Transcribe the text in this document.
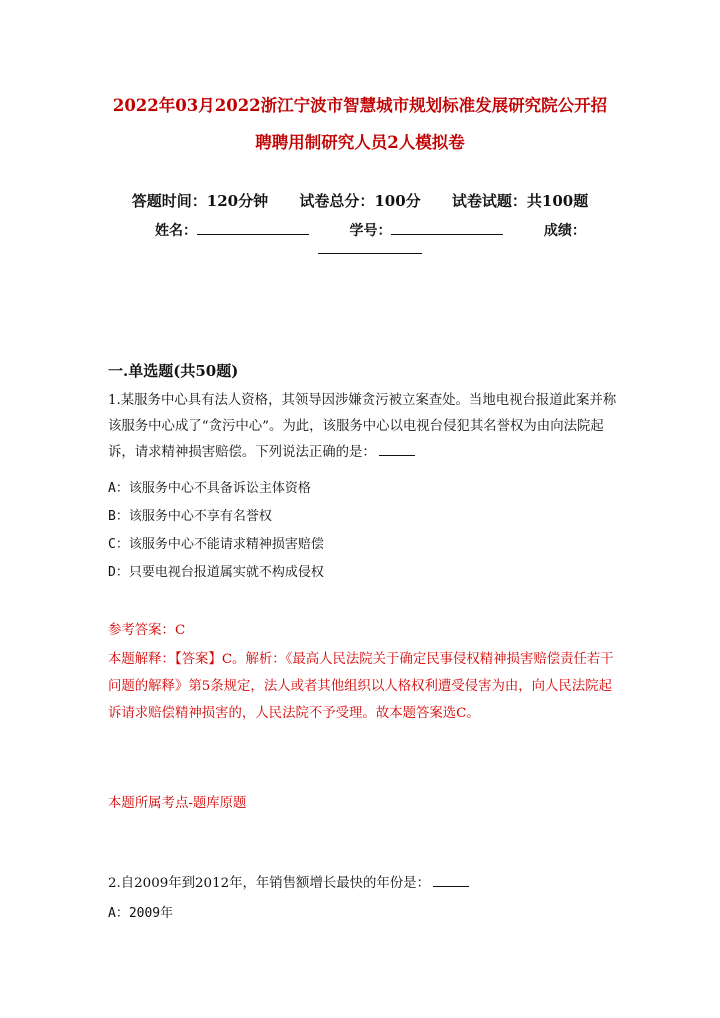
2022年03月2022浙江宁波市智慧城市规划标准发展研究院公开招
聘聘用制研究人员2人模拟卷
答题时间：120分钟 试卷总分：100分 试卷试题：共100题
姓名：	学号：	成绩：
一.单选题(共50题)
1.某服务中心具有法人资格，其领导因涉嫌贪污被立案查处。当地电视台报道此案并称该服务中心成了“贪污中心”。为此，该服务中心以电视台侵犯其名誉权为由向法院起诉，请求精神损害赔偿。下列说法正确的是：
A：该服务中心不具备诉讼主体资格
B：该服务中心不享有名誉权
C：该服务中心不能请求精神损害赔偿
D：只要电视台报道属实就不构成侵权
参考答案：C
本题解释：【答案】C。解析：《最高人民法院关于确定民事侵权精神损害赔偿责任若干问题的解释》第5条规定，法人或者其他组织以人格权利遭受侵害为由，向人民法院起诉请求赔偿精神损害的，人民法院不予受理。故本题答案选C。
本题所属考点-题库原题
2.自2009年到2012年，年销售额增长最快的年份是：
A：2009年
